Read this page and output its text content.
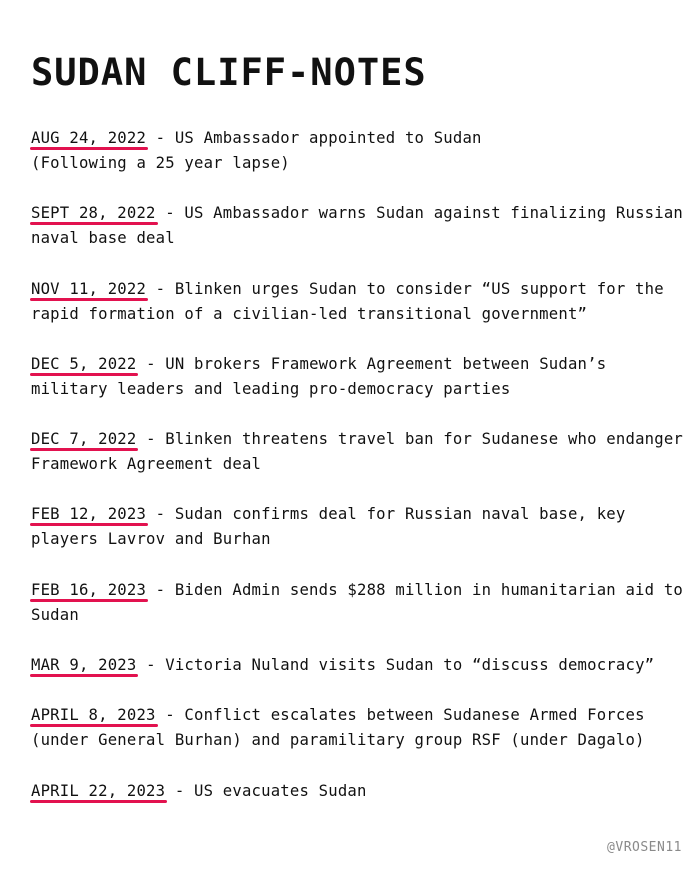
SUDAN CLIFF-NOTES
AUG 24, 2022 - US Ambassador appointed to Sudan
(Following a 25 year lapse)
SEPT 28, 2022 - US Ambassador warns Sudan against finalizing Russian naval base deal
NOV 11, 2022 - Blinken urges Sudan to consider “US support for the rapid formation of a civilian-led transitional government”
DEC 5, 2022 - UN brokers Framework Agreement between Sudan’s military leaders and leading pro-democracy parties
DEC 7, 2022 - Blinken threatens travel ban for Sudanese who endanger Framework Agreement deal
FEB 12, 2023 - Sudan confirms deal for Russian naval base, key players Lavrov and Burhan
FEB 16, 2023 - Biden Admin sends $288 million in humanitarian aid to Sudan
MAR 9, 2023 - Victoria Nuland visits Sudan to “discuss democracy”
APRIL 8, 2023 - Conflict escalates between Sudanese Armed Forces (under General Burhan) and paramilitary group RSF (under Dagalo)
APRIL 22, 2023 - US evacuates Sudan
@VROSEN11
